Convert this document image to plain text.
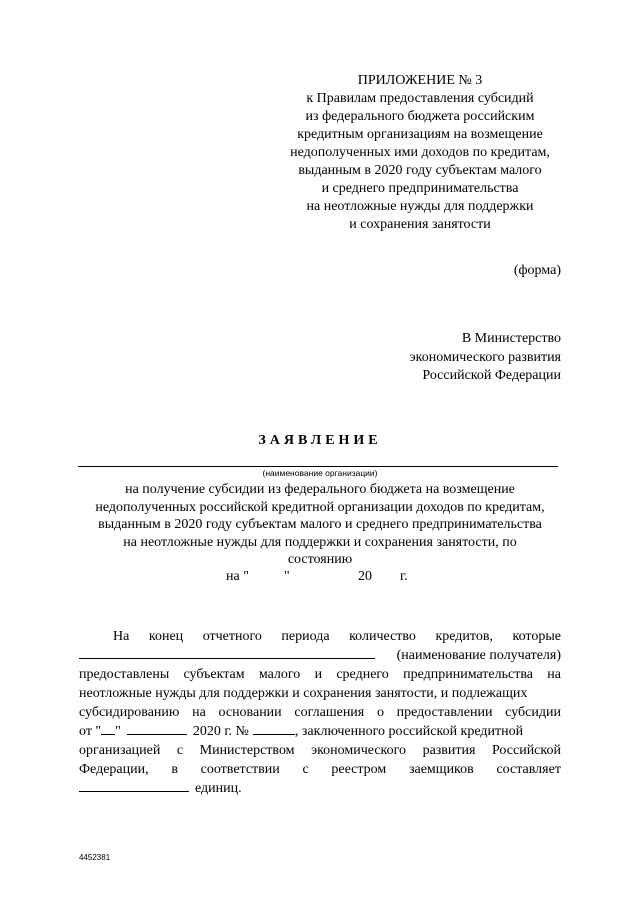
ПРИЛОЖЕНИЕ № 3
к Правилам предоставления субсидий
из федерального бюджета российским
кредитным организациям на возмещение
недополученных ими доходов по кредитам,
выданным в 2020 году субъектам малого
и среднего предпринимательства
на неотложные нужды для поддержки
и сохранения занятости
(форма)
В Министерство
экономического развития
Российской Федерации
ЗАЯВЛЕНИЕ
(наименование организации)
на получение субсидии из федерального бюджета на возмещение
недополученных российской кредитной организации доходов по кредитам,
выданным в 2020 году субъектам малого и среднего предпринимательства
на неотложные нужды для поддержки и сохранения занятости, по
состоянию
на "	"	20 г.
На конец отчетного периода количество кредитов, которые
(наименование получателя)
предоставлены субъектам малого и среднего предпринимательства на
неотложные нужды для поддержки и сохранения занятости, и подлежащих
субсидированию на основании соглашения о предоставлении субсидии
от " "	2020 г. №	, заключенного российской кредитной
организацией с Министерством экономического развития Российской
Федерации, в соответствии с реестром заемщиков составляет
единиц.
4452381
